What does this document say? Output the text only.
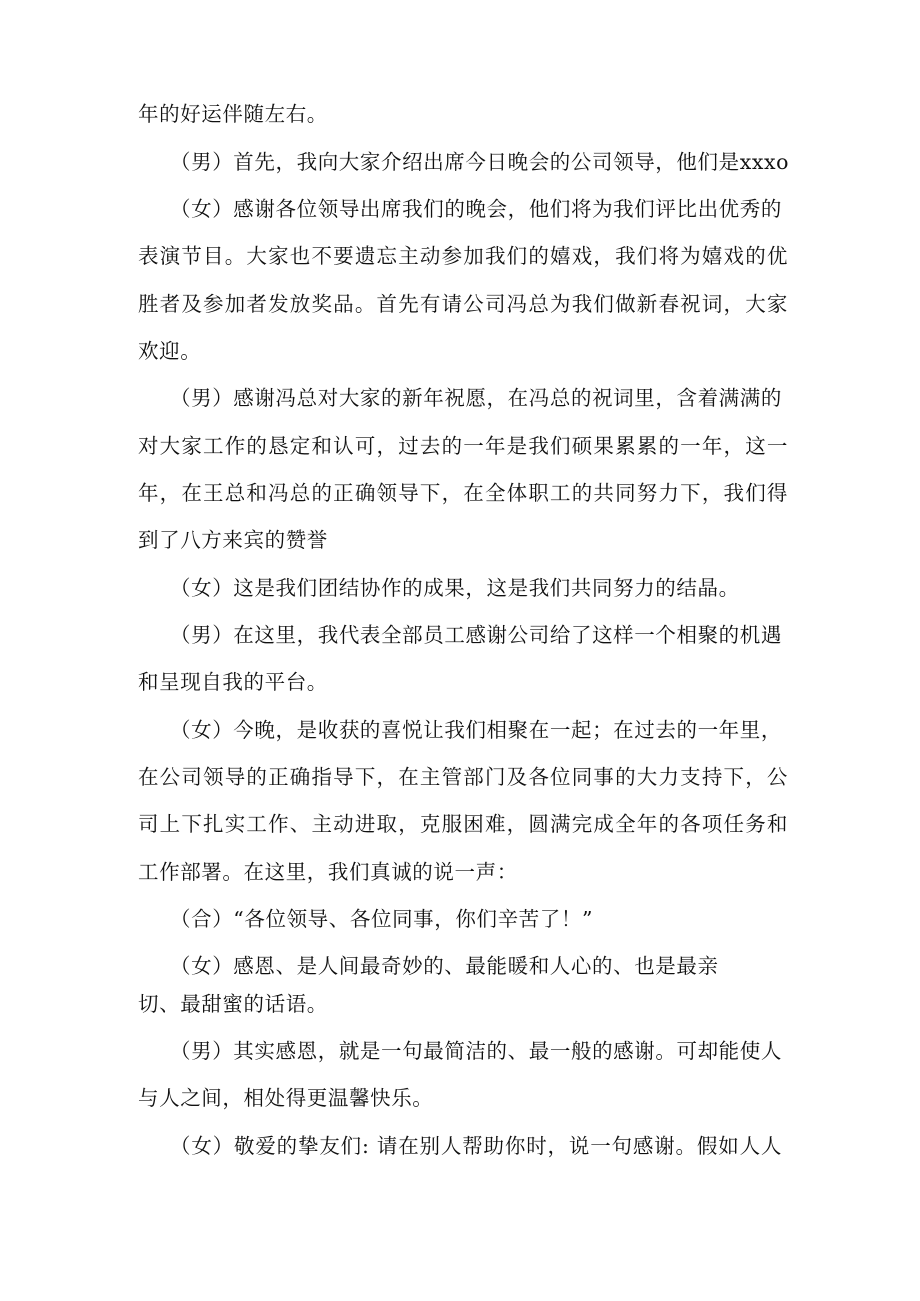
年的好运伴随左右。
（男）首先，我向大家介绍出席今日晚会的公司领导，他们是xxxo
（女）感谢各位领导出席我们的晚会，他们将为我们评比出优秀的
表演节目。大家也不要遗忘主动参加我们的嬉戏，我们将为嬉戏的优
胜者及参加者发放奖品。首先有请公司冯总为我们做新春祝词，大家
欢迎。
（男）感谢冯总对大家的新年祝愿，在冯总的祝词里，含着满满的
对大家工作的恳定和认可，过去的一年是我们硕果累累的一年，这一
年，在王总和冯总的正确领导下，在全体职工的共同努力下，我们得
到了八方来宾的赞誉
（女）这是我们团结协作的成果，这是我们共同努力的结晶。
（男）在这里，我代表全部员工感谢公司给了这样一个相聚的机遇
和呈现自我的平台。
（女）今晚，是收获的喜悦让我们相聚在一起；在过去的一年里，
在公司领导的正确指导下，在主管部门及各位同事的大力支持下，公
司上下扎实工作、主动进取，克服困难，圆满完成全年的各项任务和
工作部署。在这里，我们真诚的说一声：
（合）“各位领导、各位同事，你们辛苦了！”
（女）感恩、是人间最奇妙的、最能暖和人心的、也是最亲
切、最甜蜜的话语。
（男）其实感恩，就是一句最简洁的、最一般的感谢。可却能使人
与人之间，相处得更温馨快乐。
（女）敬爱的挚友们: 请在别人帮助你时，说一句感谢。假如人人
